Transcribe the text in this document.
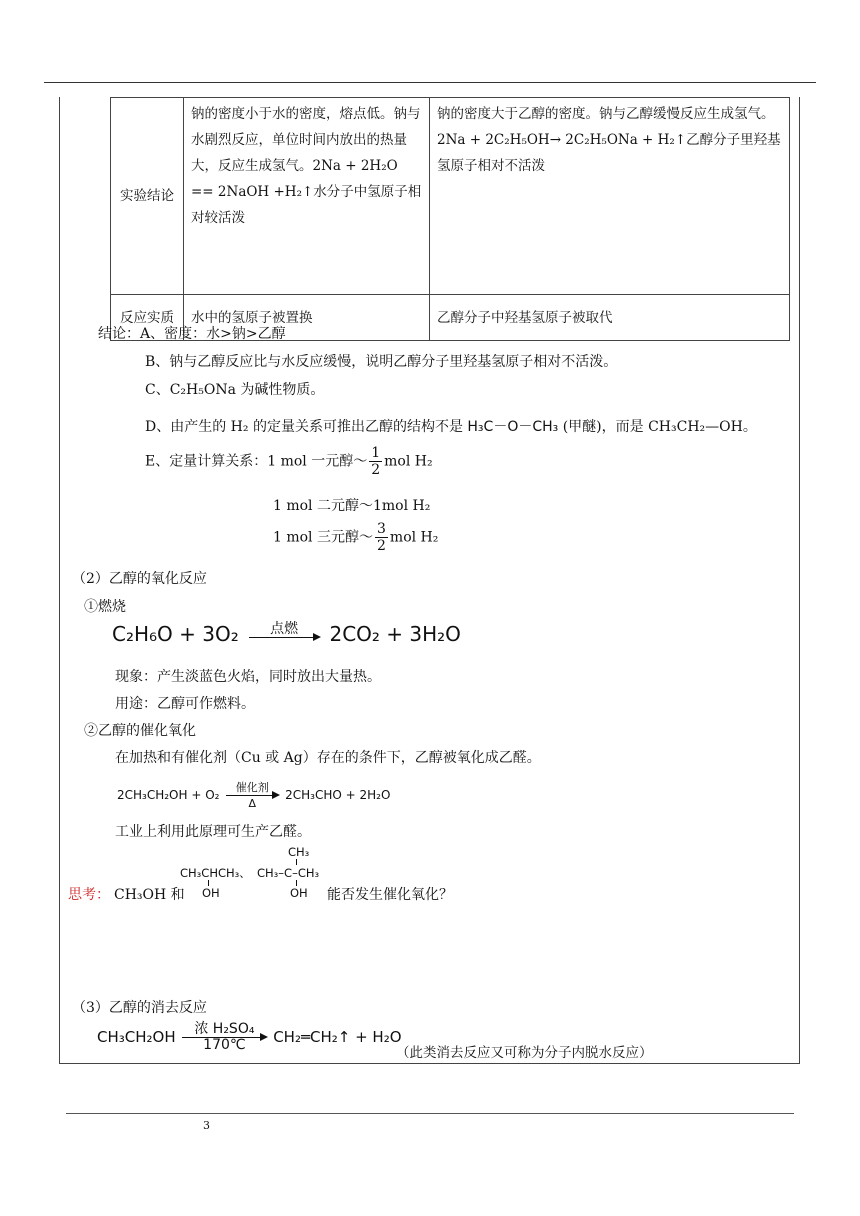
实验结论	钠的密度小于水的密度，熔点低。钠与水剧烈反应，单位时间内放出的热量大，反应生成氢气。2Na + 2H₂O == 2NaOH +H₂↑水分子中氢原子相对较活泼	钠的密度大于乙醇的密度。钠与乙醇缓慢反应生成氢气。2Na + 2C₂H₅OH→ 2C₂H₅ONa + H₂↑乙醇分子里羟基氢原子相对不活泼
反应实质	水中的氢原子被置换	乙醇分子中羟基氢原子被取代
结论：A、密度：水>钠>乙醇
B、钠与乙醇反应比与水反应缓慢，说明乙醇分子里羟基氢原子相对不活泼。
C、C₂H₅ONa 为碱性物质。
D、由产生的 H₂ 的定量关系可推出乙醇的结构不是 H₃C－O－CH₃ (甲醚)，而是 CH₃CH₂—OH。
E、定量计算关系：1 mol 一元醇～ $\frac{1}{2}$ mol H₂
1 mol 二元醇～1mol H₂
1 mol 三元醇～ $\frac{3}{2}$ mol H₂
（2）乙醇的氧化反应
①燃烧
C₂H₆O + 3O₂	点燃	2CO₂ + 3H₂O
现象：产生淡蓝色火焰，同时放出大量热。
用途：乙醇可作燃料。
②乙醇的催化氧化
在加热和有催化剂（Cu 或 Ag）存在的条件下，乙醇被氧化成乙醛。
2CH₃CH₂OH + O₂
催化剂
Δ
2CH₃CHO + 2H₂O
工业上利用此原理可生产乙醛。
思考： CH₃OH 和
CH₃
CH₃CHCH₃、 CH₃–C–CH₃
OH	OH 能否发生催化氧化？
（3）乙醇的消去反应
CH₃CH₂OH	浓 H₂SO₄
170℃	CH₂═CH₂↑ + H₂O
（此类消去反应又可称为分子内脱水反应）
3
